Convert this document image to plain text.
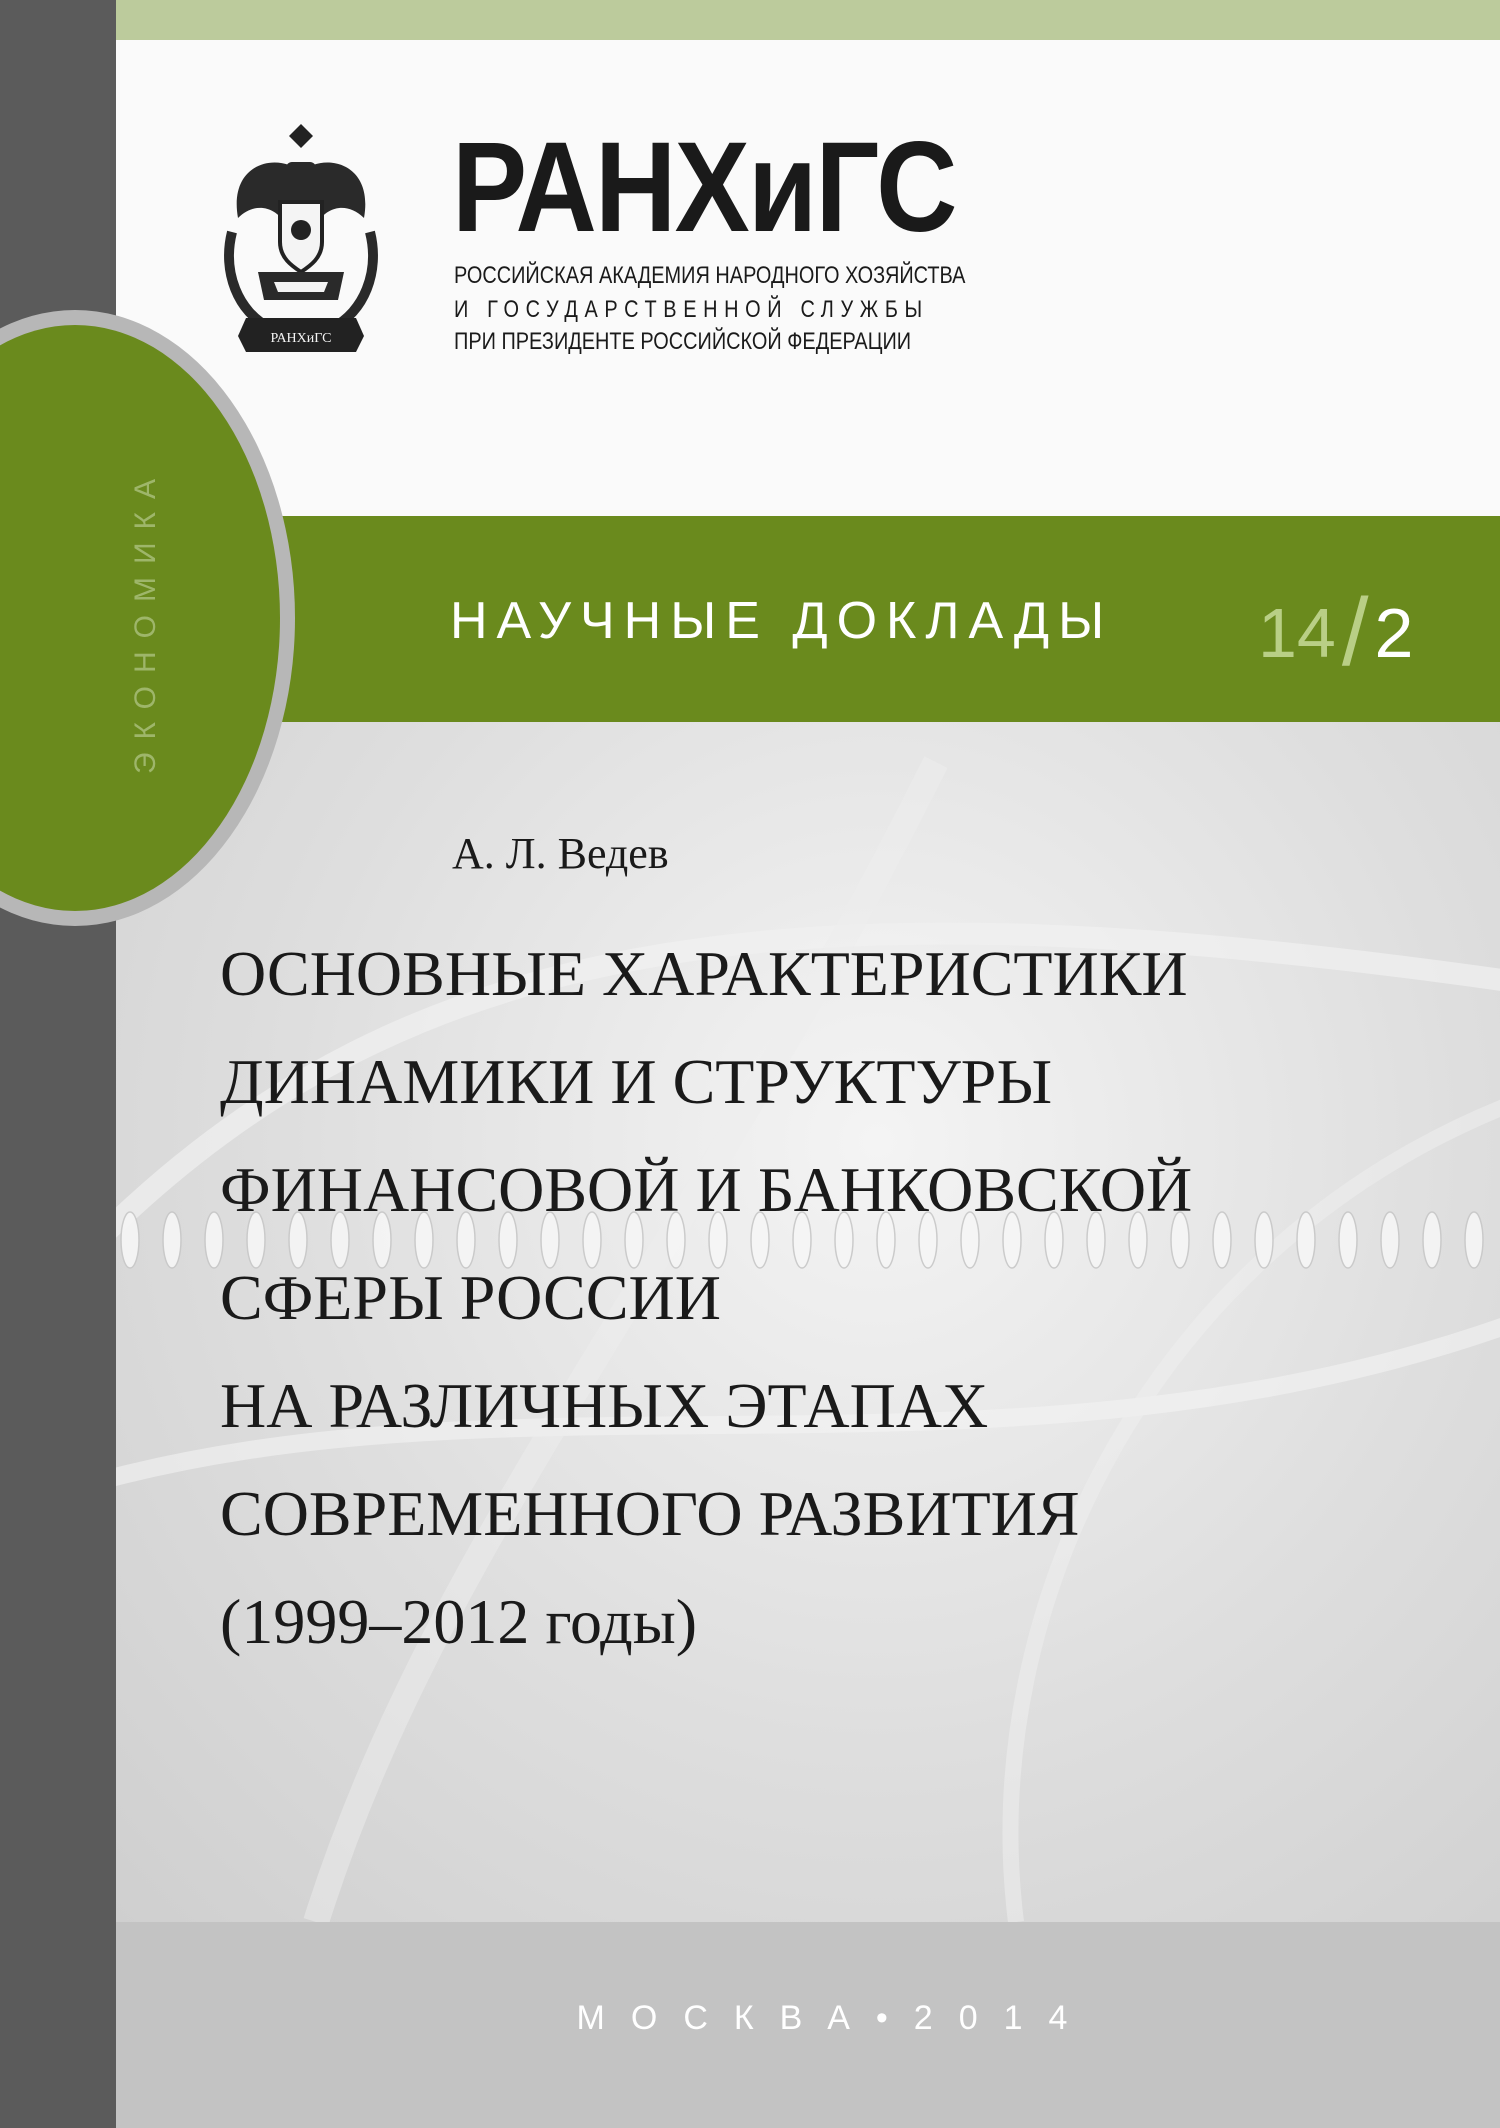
ЭКОНОМИКА
РАНХиГС
РАНХиГС
РОССИЙСКАЯ АКАДЕМИЯ НАРОДНОГО ХОЗЯЙСТВА
И ГОСУДАРСТВЕННОЙ СЛУЖБЫ
ПРИ ПРЕЗИДЕНТЕ РОССИЙСКОЙ ФЕДЕРАЦИИ
НАУЧНЫЕ ДОКЛАДЫ 14/2
А. Л. Ведев
ОСНОВНЫЕ ХАРАКТЕРИСТИКИ
ДИНАМИКИ И СТРУКТУРЫ
ФИНАНСОВОЙ И БАНКОВСКОЙ
СФЕРЫ РОССИИ
НА РАЗЛИЧНЫХ ЭТАПАХ
СОВРЕМЕННОГО РАЗВИТИЯ
(1999–2012 годы)
МОСКВА•2014
